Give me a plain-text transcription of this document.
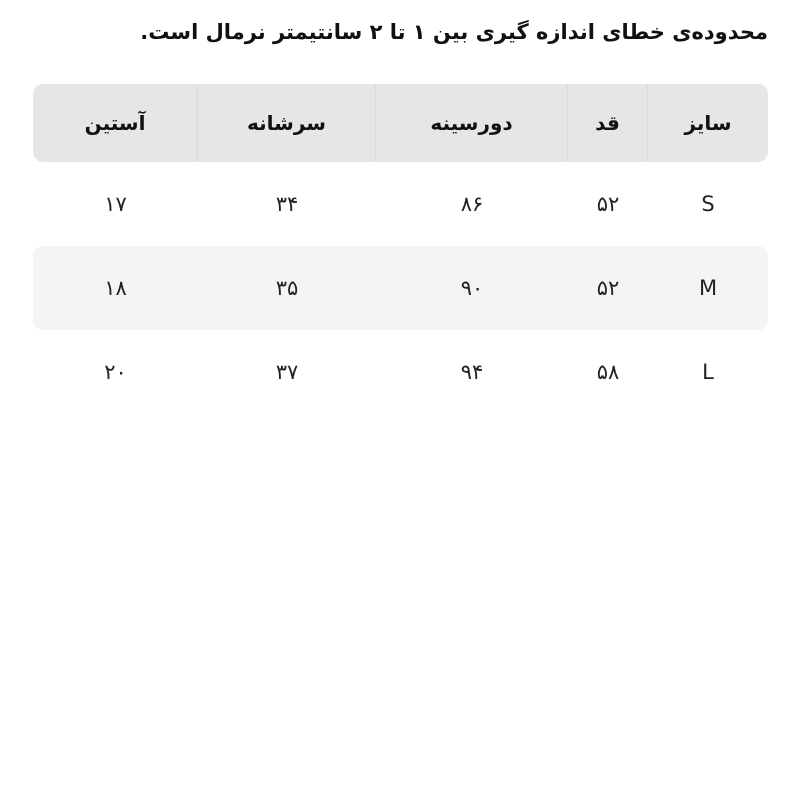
محدوده‌ی خطای اندازه گیری بین ۱ تا ۲ سانتیمتر نرمال است.
سایز
قد
دورسینه
سرشانه
آستین
S
۵۲
۸۶
۳۴
۱۷
M
۵۲
۹۰
۳۵
۱۸
L
۵۸
۹۴
۳۷
۲۰
